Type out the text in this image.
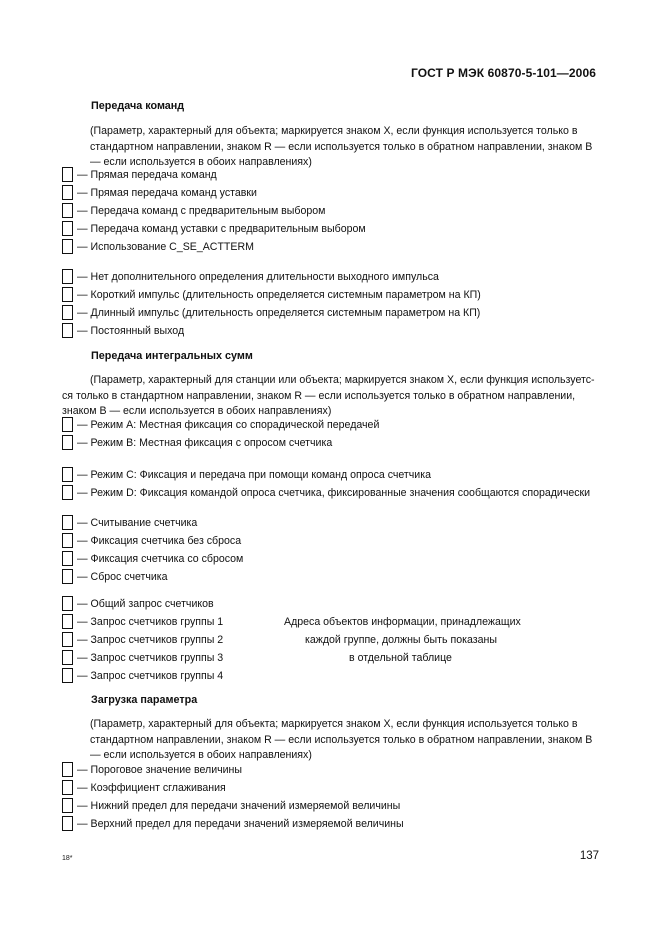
ГОСТ Р МЭК 60870-5-101—2006
Передача команд

(Параметр, характерный для объекта; маркируется знаком X, если функция используется только в стандартном направлении, знаком R — если используется только в обратном направлении, знаком B — если используется в обоих направлениях)

— Прямая передача команд
— Прямая передача команд уставки
— Передача команд с предварительным выбором
— Передача команд уставки с предварительным выбором
— Использование C_SE_ACTTERM
— Нет дополнительного определения длительности выходного импульса
— Короткий импульс (длительность определяется системным параметром на КП)
— Длинный импульс (длительность определяется системным параметром на КП)
— Постоянный выход
Передача интегральных сумм

(Параметр, характерный для станции или объекта; маркируется знаком X, если функция используетс-

ся только в стандартном направлении, знаком R — если используется только в обратном направлении,

знаком B — если используется в обоих направлениях)

— Режим A: Местная фиксация со спорадической передачей
— Режим B: Местная фиксация с опросом счетчика
— Режим C: Фиксация и передача при помощи команд опроса счетчика
— Режим D: Фиксация командой опроса счетчика, фиксированные значения сообщаются спорадически
— Считывание счетчика
— Фиксация счетчика без сброса
— Фиксация счетчика со сбросом
— Сброс счетчика
— Общий запрос счетчиков
— Запрос счетчиков группы 1
— Запрос счетчиков группы 2
— Запрос счетчиков группы 3
— Запрос счетчиков группы 4
Адреса объектов информации, принадлежащих
каждой группе, должны быть показаны
в отдельной таблице
Загрузка параметра

(Параметр, характерный для объекта; маркируется знаком X, если функция используется только в стандартном направлении, знаком R — если используется только в обратном направлении, знаком B — если используется в обоих направлениях)

— Пороговое значение величины
— Коэффициент сглаживания
— Нижний предел для передачи значений измеряемой величины
— Верхний предел для передачи значений измеряемой величины
18*	137
